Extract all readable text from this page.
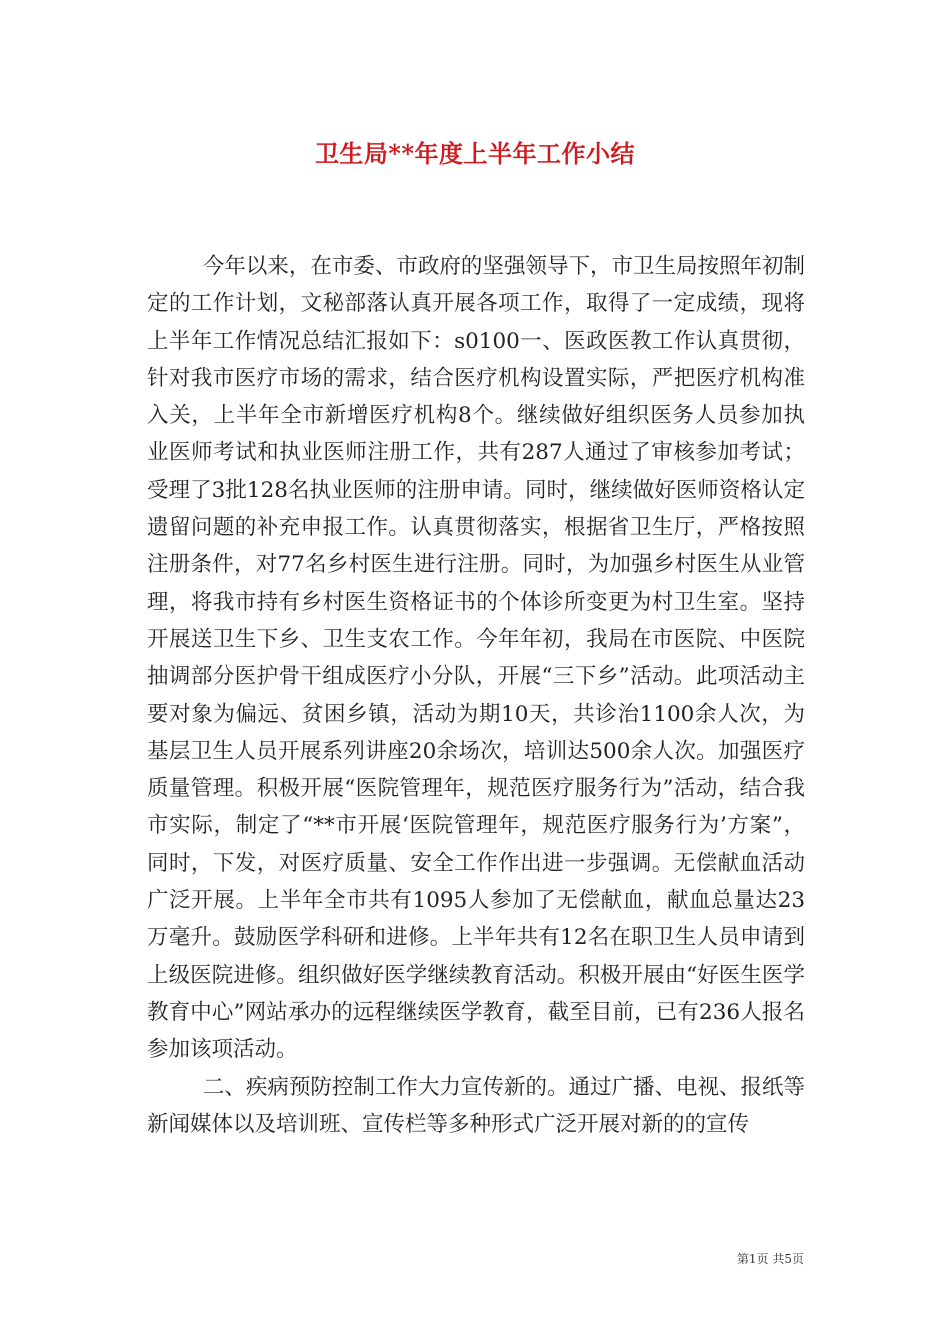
卫生局**年度上半年工作小结

今年以来，在市委、市政府的坚强领导下，市卫生局按照年初制定的工作计划，文秘部落认真开展各项工作，取得了一定成绩，现将上半年工作情况总结汇报如下：s0100一、医政医教工作认真贯彻，针对我市医疗市场的需求，结合医疗机构设置实际，严把医疗机构准入关，上半年全市新增医疗机构8个。继续做好组织医务人员参加执业医师考试和执业医师注册工作，共有287人通过了审核参加考试；受理了3批128名执业医师的注册申请。同时，继续做好医师资格认定遗留问题的补充申报工作。认真贯彻落实，根据省卫生厅，严格按照注册条件，对77名乡村医生进行注册。同时，为加强乡村医生从业管理，将我市持有乡村医生资格证书的个体诊所变更为村卫生室。坚持开展送卫生下乡、卫生支农工作。今年年初，我局在市医院、中医院抽调部分医护骨干组成医疗小分队，开展“三下乡”活动。此项活动主要对象为偏远、贫困乡镇，活动为期10天，共诊治1100余人次，为基层卫生人员开展系列讲座20余场次，培训达500余人次。加强医疗质量管理。积极开展“医院管理年，规范医疗服务行为”活动，结合我市实际，制定了“**市开展‘医院管理年，规范医疗服务行为’方案”，同时，下发，对医疗质量、安全工作作出进一步强调。无偿献血活动广泛开展。上半年全市共有1095人参加了无偿献血，献血总量达23万毫升。鼓励医学科研和进修。上半年共有12名在职卫生人员申请到上级医院进修。组织做好医学继续教育活动。积极开展由“好医生医学教育中心”网站承办的远程继续医学教育，截至目前，已有236人报名参加该项活动。

二、疾病预防控制工作大力宣传新的。通过广播、电视、报纸等新闻媒体以及培训班、宣传栏等多种形式广泛开展对新的的宣传

第1页 共5页
